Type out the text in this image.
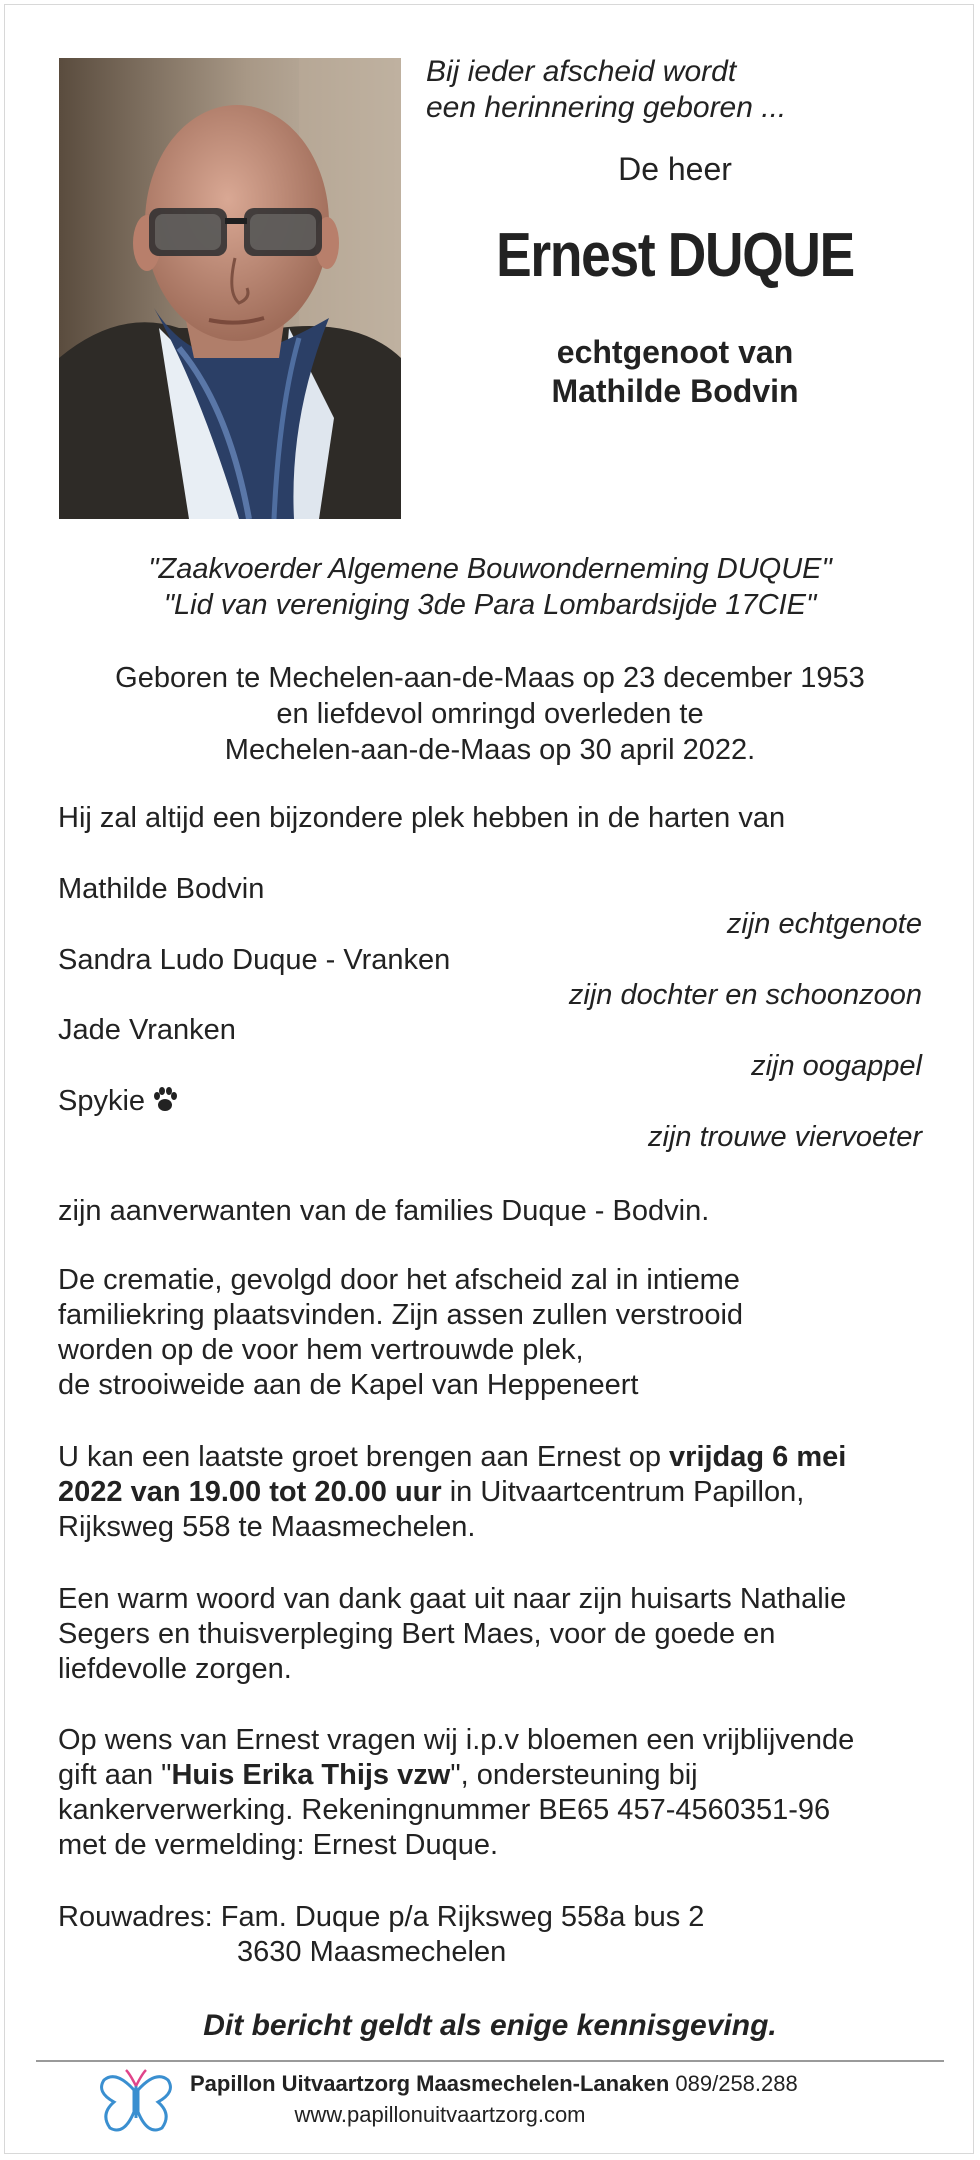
Bij ieder afscheid wordt
een herinnering geboren ...
De heer
Ernest DUQUE
echtgenoot van
Mathilde Bodvin
"Zaakvoerder Algemene Bouwonderneming DUQUE"
"Lid van vereniging 3de Para Lombardsijde 17CIE"
Geboren te Mechelen-aan-de-Maas op 23 december 1953
en liefdevol omringd overleden te
Mechelen-aan-de-Maas op 30 april 2022.
Hij zal altijd een bijzondere plek hebben in de harten van
Mathilde Bodvin
zijn echtgenote
Sandra Ludo Duque - Vranken
zijn dochter en schoonzoon
Jade Vranken
zijn oogappel
Spykie
zijn trouwe viervoeter
zijn aanverwanten van de families Duque - Bodvin.
De crematie, gevolgd door het afscheid zal in intieme
familiekring plaatsvinden. Zijn assen zullen verstrooid
worden op de voor hem vertrouwde plek,
de strooiweide aan de Kapel van Heppeneert
U kan een laatste groet brengen aan Ernest op vrijdag 6 mei
2022 van 19.00 tot 20.00 uur in Uitvaartcentrum Papillon,
Rijksweg 558 te Maasmechelen.
Een warm woord van dank gaat uit naar zijn huisarts Nathalie
Segers en thuisverpleging Bert Maes, voor de goede en
liefdevolle zorgen.
Op wens van Ernest vragen wij i.p.v bloemen een vrijblijvende
gift aan "Huis Erika Thijs vzw", ondersteuning bij
kankerverwerking. Rekeningnummer BE65 457-4560351-96
met de vermelding: Ernest Duque.
Rouwadres: Fam. Duque p/a Rijksweg 558a bus 2
3630 Maasmechelen
Dit bericht geldt als enige kennisgeving.
Papillon Uitvaartzorg Maasmechelen-Lanaken 089/258.288
www.papillonuitvaartzorg.com
